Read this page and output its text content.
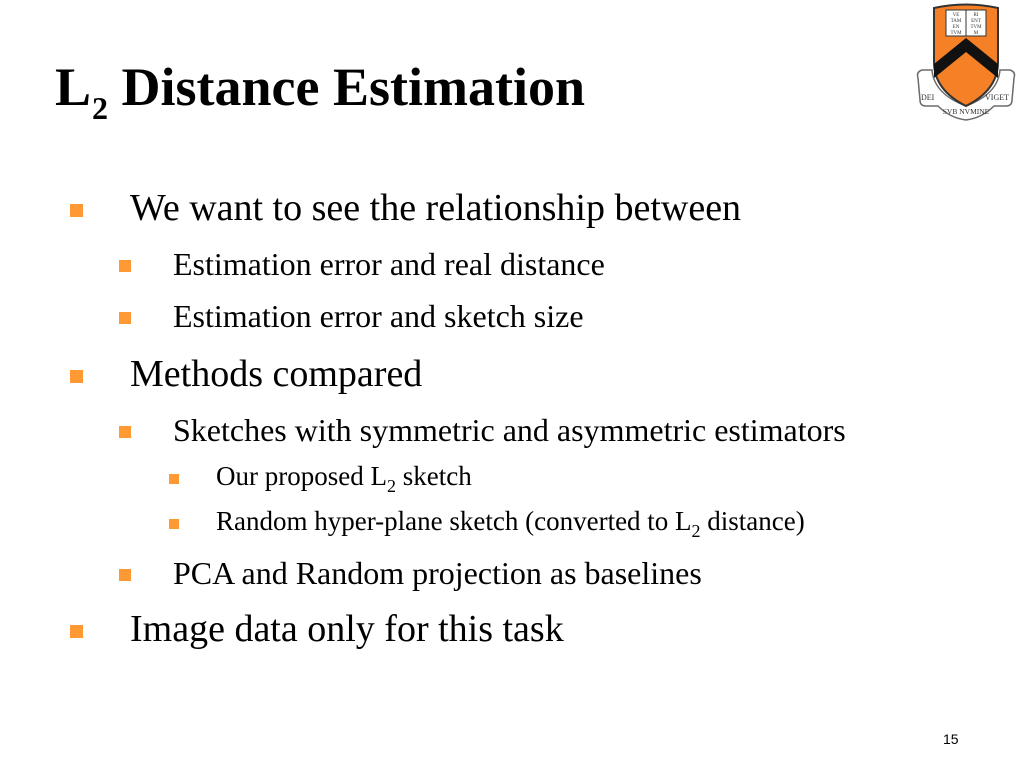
$L_2$ Distance Estimation	DEI
SVB NVMINE
VIGET
VE
TAM
EN
TVM
RI
ENT
TVM
M
We want to see the relationship between
Estimation error and real distance
Estimation error and sketch size
Methods compared
Sketches with symmetric and asymmetric estimators
Our proposed $L_2$ sketch
Random hyper-plane sketch (converted to $L_2$ distance)
PCA and Random projection as baselines
Image data only for this task
15
